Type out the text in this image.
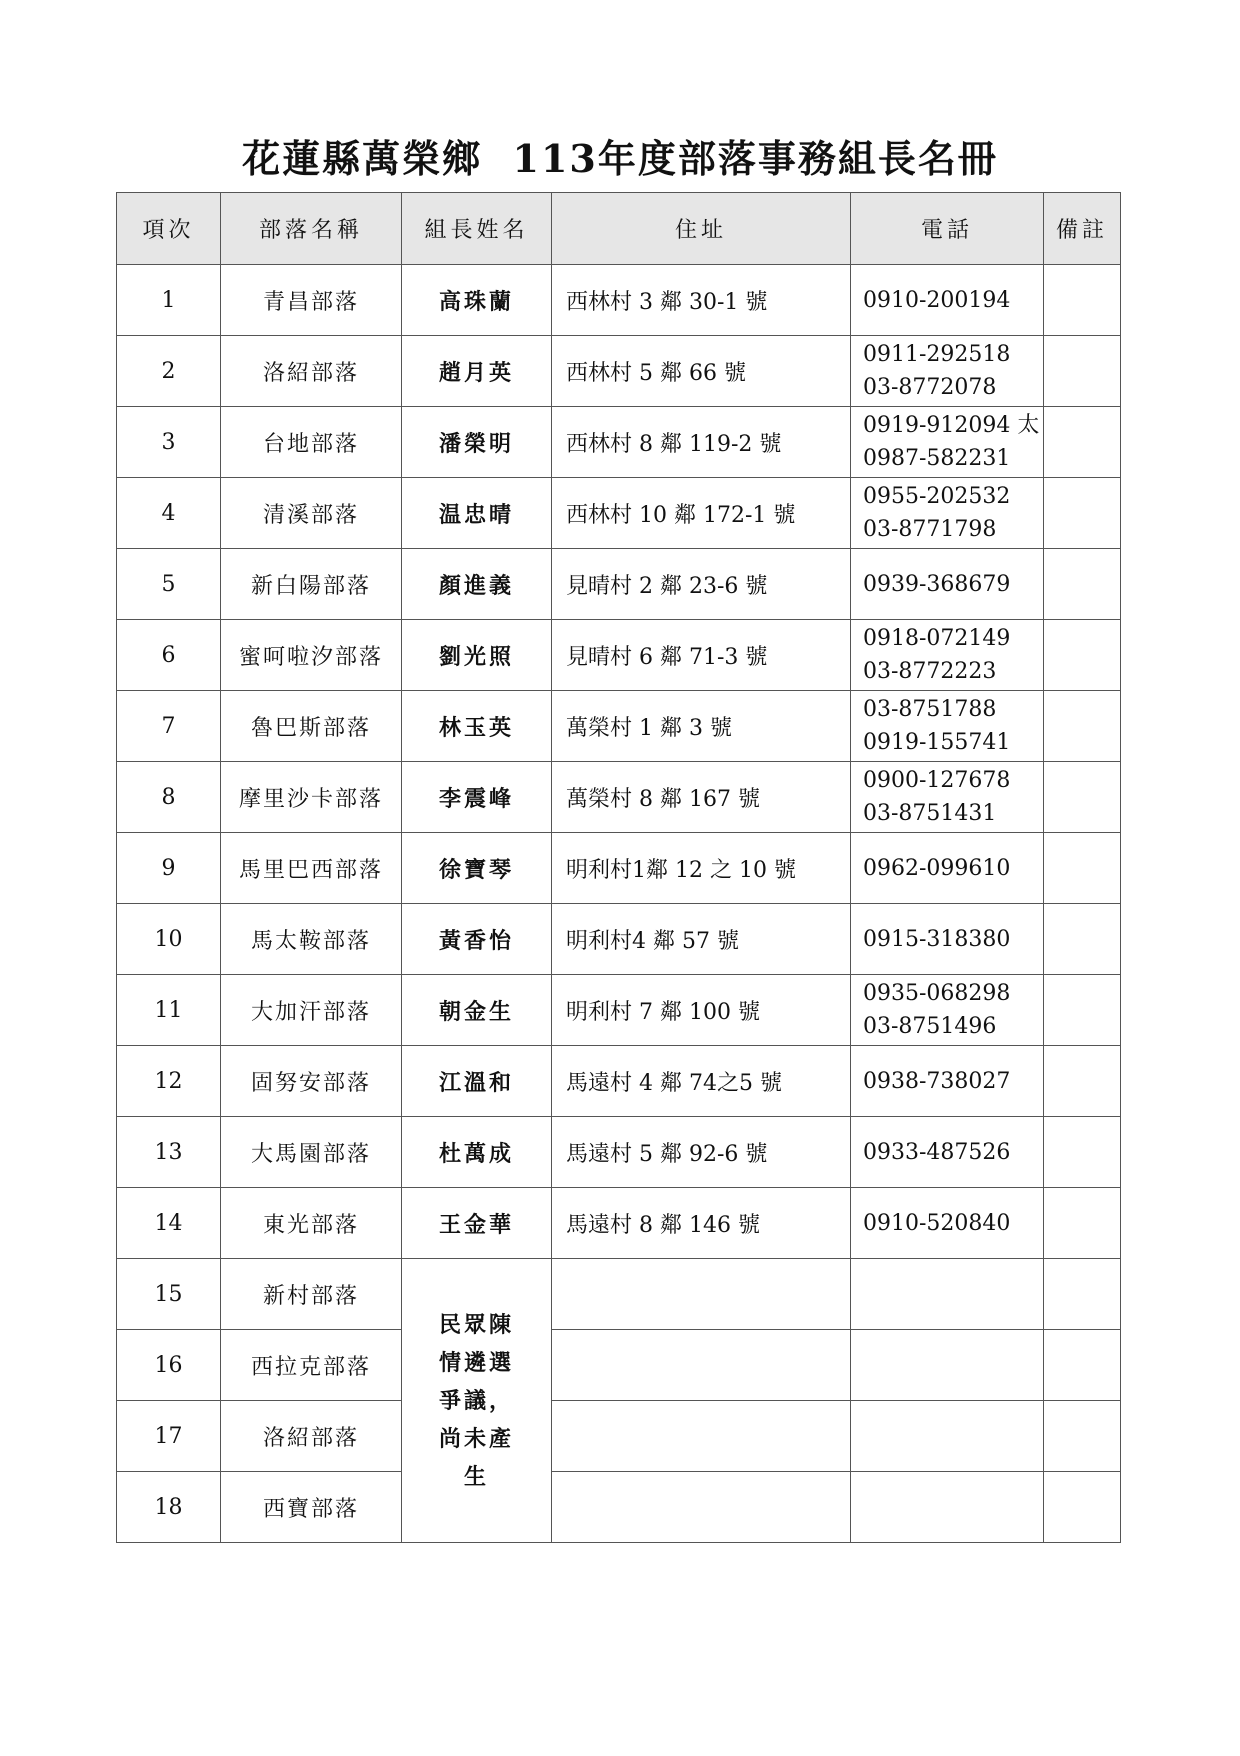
花蓮縣萬榮鄉  113年度部落事務組長名冊
項次	部落名稱	組長姓名	住址	電話	備註
1	青昌部落	高珠蘭	西林村 3 鄰 30-1 號	0910-200194	

2	洛紹部落	趙月英	西林村 5 鄰 66 號	0911-292518
03-8772078	

3	台地部落	潘榮明	西林村 8 鄰 119-2 號	0919-912094 太
0987-582231	

4	清溪部落	温忠晴	西林村 10 鄰 172-1 號	0955-202532
03-8771798	

5	新白陽部落	顏進義	見晴村 2 鄰 23-6 號	0939-368679	

6	蜜呵啦汐部落	劉光照	見晴村 6 鄰 71-3 號	0918-072149
03-8772223	

7	魯巴斯部落	林玉英	萬榮村 1 鄰 3 號	03-8751788
0919-155741	

8	摩里沙卡部落	李震峰	萬榮村 8 鄰 167 號	0900-127678
03-8751431	

9	馬里巴西部落	徐寶琴	明利村1鄰 12 之 10 號	0962-099610	

10	馬太鞍部落	黃香怡	明利村4 鄰 57 號	0915-318380	

11	大加汗部落	朝金生	明利村 7 鄰 100 號	0935-068298
03-8751496	

12	固努安部落	江溫和	馬遠村 4 鄰 74之5 號	0938-738027	

13	大馬園部落	杜萬成	馬遠村 5 鄰 92-6 號	0933-487526	

14	東光部落	王金華	馬遠村 8 鄰 146 號	0910-520840	

15	新村部落	民眾陳情遴選爭議，尚未產生			
16	西拉克部落				
17	洛紹部落				
18	西寶部落				
